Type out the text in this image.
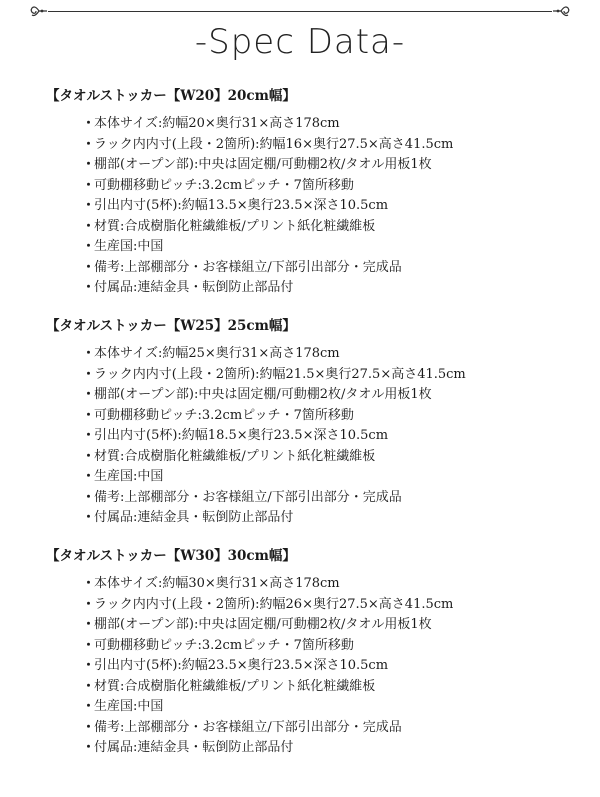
-Spec Data-
【タオルストッカー【W20】20cm幅】
・本体サイズ:約幅20×奥行31×高さ178cm
・ラック内内寸(上段・2箇所):約幅16×奥行27.5×高さ41.5cm
・棚部(オープン部):中央は固定棚/可動棚2枚/タオル用板1枚
・可動棚移動ピッチ:3.2cmピッチ・7箇所移動
・引出内寸(5杯):約幅13.5×奥行23.5×深さ10.5cm
・材質:合成樹脂化粧繊維板/プリント紙化粧繊維板
・生産国:中国
・備考:上部棚部分・お客様組立/下部引出部分・完成品
・付属品:連結金具・転倒防止部品付
【タオルストッカー【W25】25cm幅】
・本体サイズ:約幅25×奥行31×高さ178cm
・ラック内内寸(上段・2箇所):約幅21.5×奥行27.5×高さ41.5cm
・棚部(オープン部):中央は固定棚/可動棚2枚/タオル用板1枚
・可動棚移動ピッチ:3.2cmピッチ・7箇所移動
・引出内寸(5杯):約幅18.5×奥行23.5×深さ10.5cm
・材質:合成樹脂化粧繊維板/プリント紙化粧繊維板
・生産国:中国
・備考:上部棚部分・お客様組立/下部引出部分・完成品
・付属品:連結金具・転倒防止部品付
【タオルストッカー【W30】30cm幅】
・本体サイズ:約幅30×奥行31×高さ178cm
・ラック内内寸(上段・2箇所):約幅26×奥行27.5×高さ41.5cm
・棚部(オープン部):中央は固定棚/可動棚2枚/タオル用板1枚
・可動棚移動ピッチ:3.2cmピッチ・7箇所移動
・引出内寸(5杯):約幅23.5×奥行23.5×深さ10.5cm
・材質:合成樹脂化粧繊維板/プリント紙化粧繊維板
・生産国:中国
・備考:上部棚部分・お客様組立/下部引出部分・完成品
・付属品:連結金具・転倒防止部品付
